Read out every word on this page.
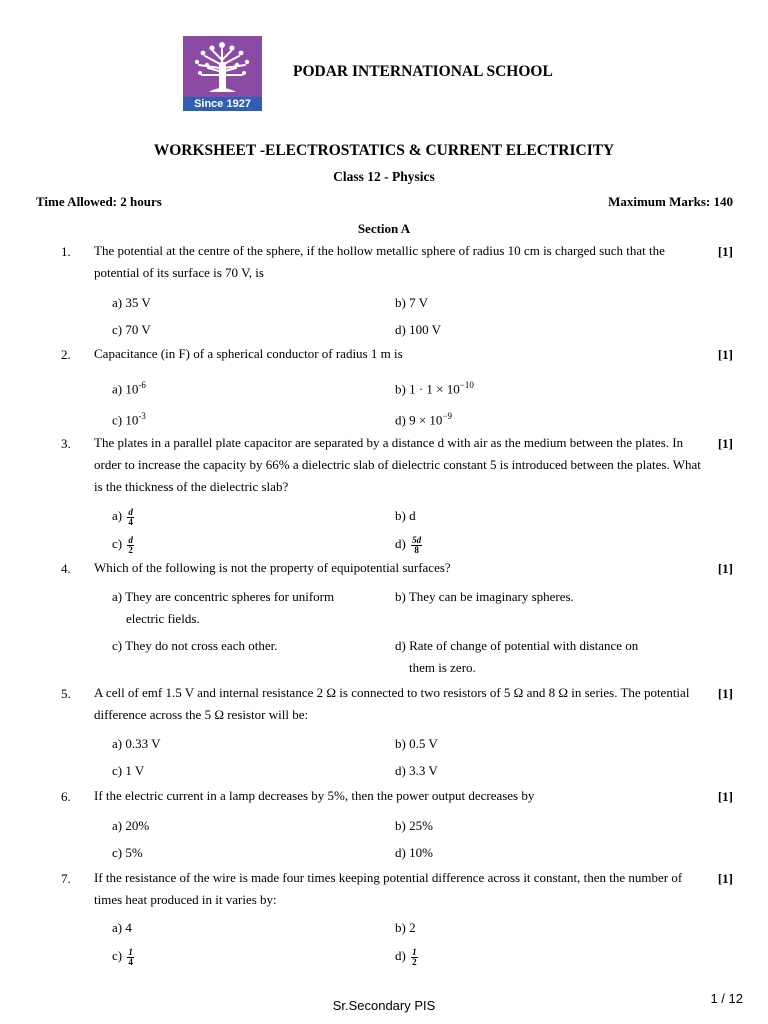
Since 1927
PODAR INTERNATIONAL SCHOOL
WORKSHEET -ELECTROSTATICS & CURRENT ELECTRICITY
Class 12 - Physics
Time Allowed: 2 hours	Maximum Marks: 140
Section A
1. The potential at the centre of the sphere, if the hollow metallic sphere of radius 10 cm is charged such that the potential of its surface is 70 V, is
[1]
a) 35 V	b) 7 V
c) 70 V	d) 100 V
2. Capacitance (in F) of a spherical conductor of radius 1 m is	[1]
a) $10^{-6}$	b) $1 \cdot 1 \times 10^{-10}$
c) $10^{-3}$	d) $9 \times 10^{-9}$
3. The plates in a parallel plate capacitor are separated by a distance d with air as the medium between the plates. In order to increase the capacity by 66% a dielectric slab of dielectric constant 5 is introduced between the plates. What is the thickness of the dielectric slab?
[1]
$a) \frac{d}{4}$	b) d
$c) \frac{d}{2}$	$d) \frac{5d}{8}$
4. Which of the following is not the property of equipotential surfaces?	[1]
a) They are concentric spheres for uniform electric fields.
b) They can be imaginary spheres.
c) They do not cross each other.	d) Rate of change of potential with distance on them is zero.
5. A cell of emf 1.5 V and internal resistance 2 Ω is connected to two resistors of 5 Ω and 8 Ω in series. The potential difference across the 5 Ω resistor will be:
[1]
a) 0.33 V	b) 0.5 V
c) 1 V	d) 3.3 V
6. If the electric current in a lamp decreases by 5%, then the power output decreases by	[1]
a) 20%	b) 25%
c) 5%	d) 10%
7. If the resistance of the wire is made four times keeping potential difference across it constant, then the number of times heat produced in it varies by:
[1]
a) 4	b) 2
$c) \frac{1}{4}$	$d) \frac{1}{2}$
Sr.Secondary PIS	1 / 12
